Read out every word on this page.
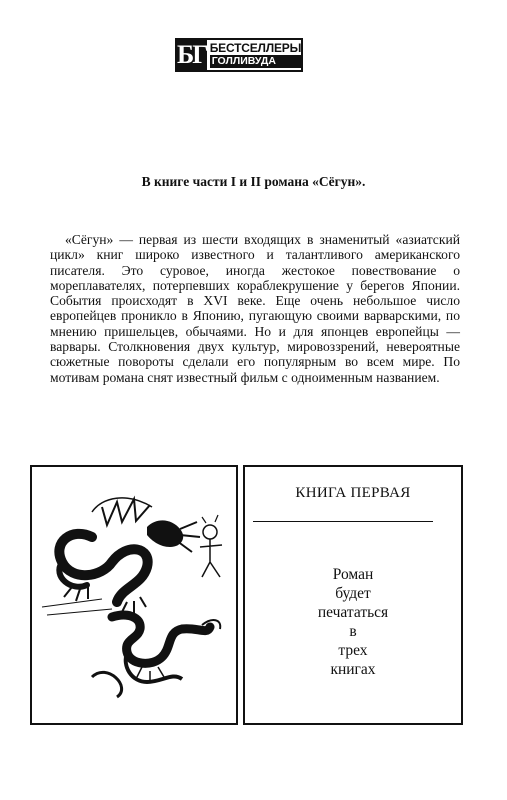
БГ БЕСТСЕЛЛЕРЫ
ГОЛЛИВУДА
В книге части I и II романа «Сёгун».

«Сёгун» — первая из шести входящих в знаменитый «азиатский цикл» книг широко известного и талантливого американского писателя. Это суровое, иногда жестокое повествование о мореплавателях, потерпевших кораблекрушение у берегов Японии. События происходят в XVI веке. Еще очень небольшое число европейцев проникло в Японию, пугающую своими варварскими, по мнению пришельцев, обычаями. Но и для японцев европейцы — варвары. Столкновения двух культур, мировоззрений, невероятные сюжетные повороты сделали его популярным во всем мире. По мотивам романа снят известный фильм с одноименным названием.

КНИГА ПЕРВАЯ
Роман
будет
печататься
в
трех
книгах
